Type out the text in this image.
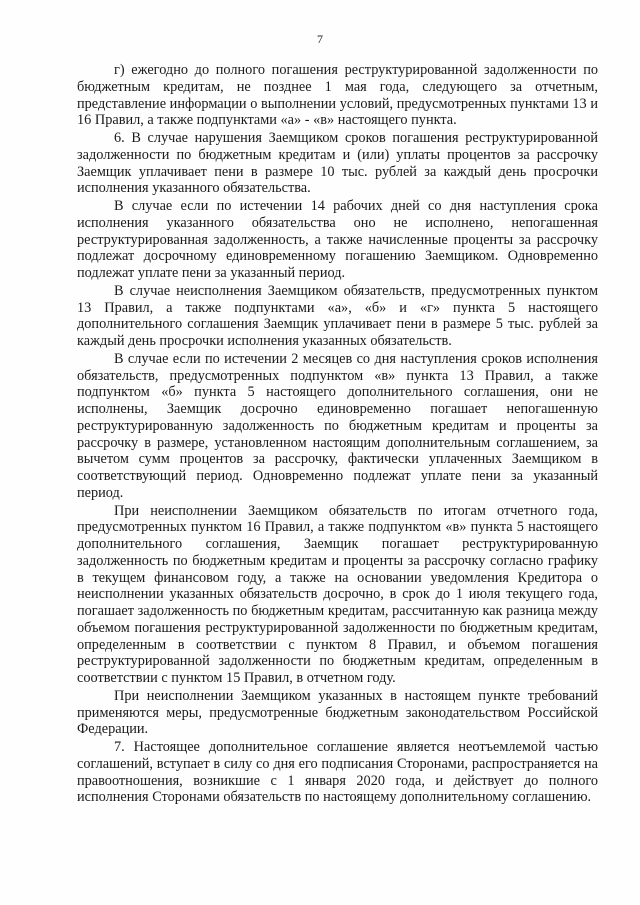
7

г) ежегодно до полного погашения реструктурированной задолженности по бюджетным кредитам, не позднее 1 мая года, следующего за отчетным, представление информации о выполнении условий, предусмотренных пунктами 13 и 16 Правил, а также подпунктами «а» - «в» настоящего пункта.

6. В случае нарушения Заемщиком сроков погашения реструктурированной задолженности по бюджетным кредитам и (или) уплаты процентов за рассрочку Заемщик уплачивает пени в размере 10 тыс. рублей за каждый день просрочки исполнения указанного обязательства.

В случае если по истечении 14 рабочих дней со дня наступления срока исполнения указанного обязательства оно не исполнено, непогашенная реструктурированная задолженность, а также начисленные проценты за рассрочку подлежат досрочному единовременному погашению Заемщиком. Одновременно подлежат уплате пени за указанный период.

В случае неисполнения Заемщиком обязательств, предусмотренных пунктом 13 Правил, а также подпунктами «а», «б» и «г» пункта 5 настоящего дополнительного соглашения Заемщик уплачивает пени в размере 5 тыс. рублей за каждый день просрочки исполнения указанных обязательств.

В случае если по истечении 2 месяцев со дня наступления сроков исполнения обязательств, предусмотренных подпунктом «в» пункта 13 Правил, а также подпунктом «б» пункта 5 настоящего дополнительного соглашения, они не исполнены, Заемщик досрочно единовременно погашает непогашенную реструктурированную задолженность по бюджетным кредитам и проценты за рассрочку в размере, установленном настоящим дополнительным соглашением, за вычетом сумм процентов за рассрочку, фактически уплаченных Заемщиком в соответствующий период. Одновременно подлежат уплате пени за указанный период.

При неисполнении Заемщиком обязательств по итогам отчетного года, предусмотренных пунктом 16 Правил, а также подпунктом «в» пункта 5 настоящего дополнительного соглашения, Заемщик погашает реструктурированную задолженность по бюджетным кредитам и проценты за рассрочку согласно графику в текущем финансовом году, а также на основании уведомления Кредитора о неисполнении указанных обязательств досрочно, в срок до 1 июля текущего года, погашает задолженность по бюджетным кредитам, рассчитанную как разница между объемом погашения реструктурированной задолженности по бюджетным кредитам, определенным в соответствии с пунктом 8 Правил, и объемом погашения реструктурированной задолженности по бюджетным кредитам, определенным в соответствии с пунктом 15 Правил, в отчетном году.

При неисполнении Заемщиком указанных в настоящем пункте требований применяются меры, предусмотренные бюджетным законодательством Российской Федерации.

7. Настоящее дополнительное соглашение является неотъемлемой частью соглашений, вступает в силу со дня его подписания Сторонами, распространяется на правоотношения, возникшие с 1 января 2020 года, и действует до полного исполнения Сторонами обязательств по настоящему дополнительному соглашению.
